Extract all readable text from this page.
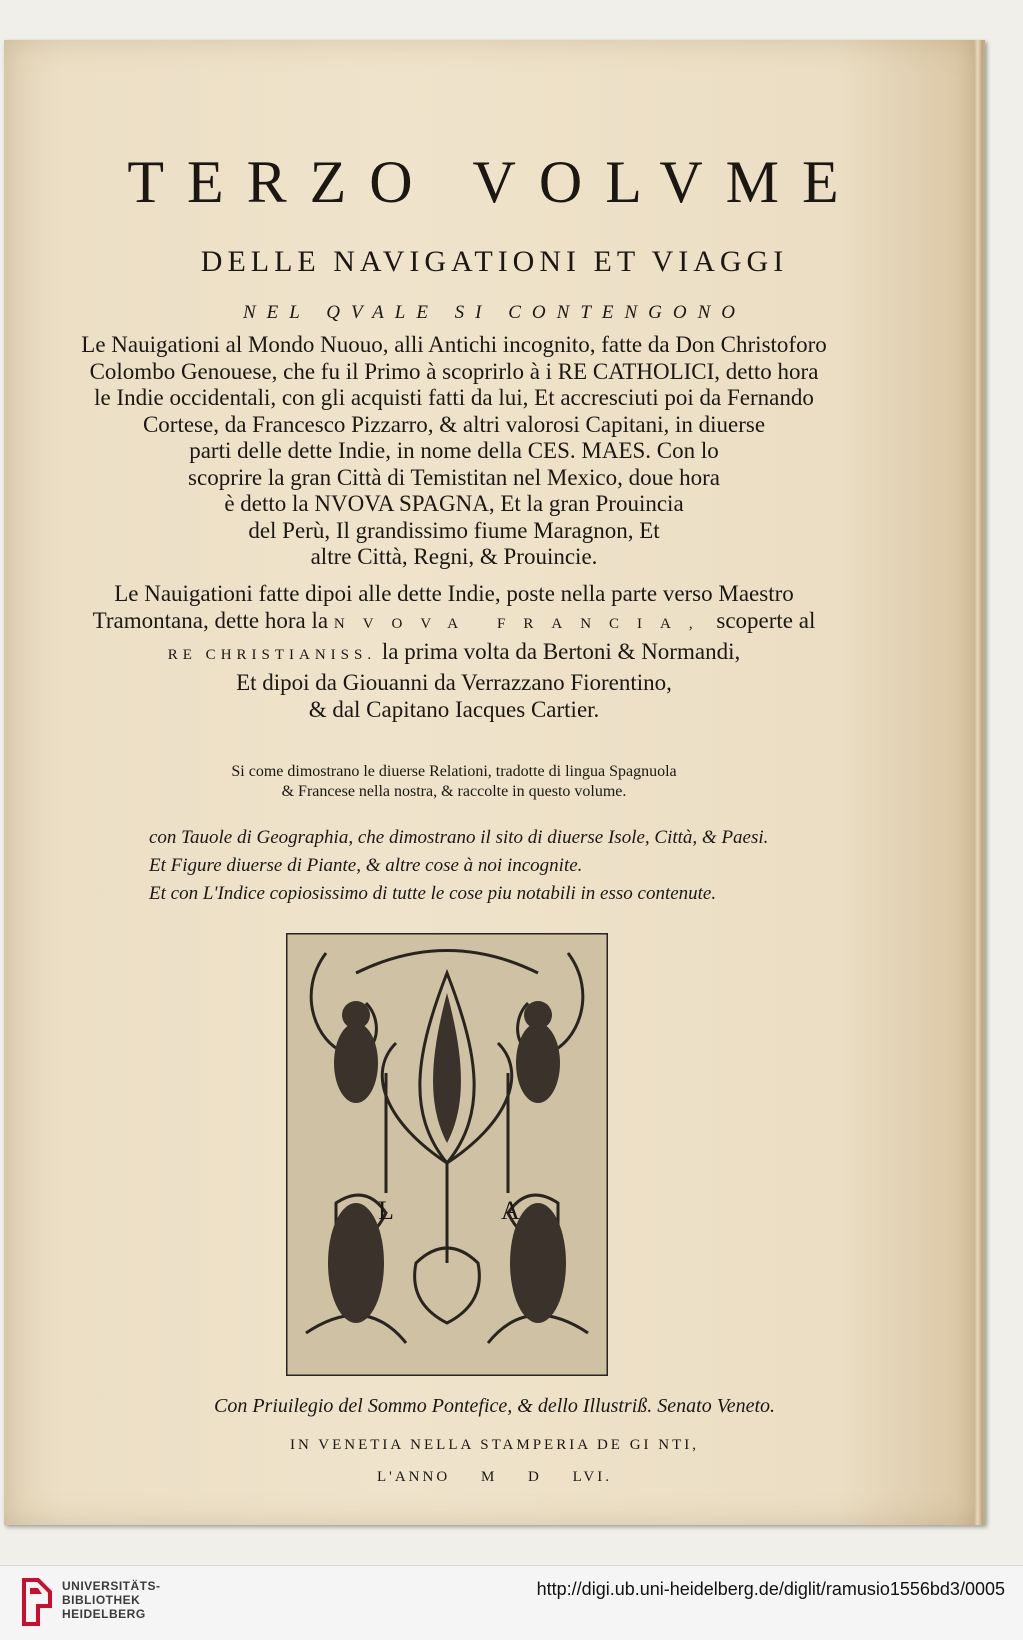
TERZO VOLVME
DELLE NAVIGATIONI ET VIAGGI
NEL QVALE SI CONTENGONO
Le Nauigationi al Mondo Nuouo, alli Antichi incognito, fatte da Don Christoforo
Colombo Genouese, che fu il Primo à scoprirlo à i RE CATHOLICI, detto hora
le Indie occidentali, con gli acquisti fatti da lui, Et accresciuti poi da Fernando
Cortese, da Francesco Pizzarro, & altri valorosi Capitani, in diuerse
parti delle dette Indie, in nome della CES. MAES. Con lo
scoprire la gran Città di Temistitan nel Mexico, doue hora
è detto la NVOVA SPAGNA, Et la gran Prouincia
del Perù, Il grandissimo fiume Maragnon, Et
altre Città, Regni, & Prouincie.
Le Nauigationi fatte dipoi alle dette Indie, poste nella parte verso Maestro
Tramontana, dette hora la NVOVA FRANCIA, scoperte al
RE CHRISTIANISS. la prima volta da Bertoni & Normandi,
Et dipoi da Giouanni da Verrazzano Fiorentino,
& dal Capitano Iacques Cartier.
Si come dimostrano le diuerse Relationi, tradotte di lingua Spagnuola
& Francese nella nostra, & raccolte in questo volume.
con Tauole di Geographia, che dimostrano il sito di diuerse Isole, Città, & Paesi.
Et Figure diuerse di Piante, & altre cose à noi incognite.
Et con L'Indice copiosissimo di tutte le cose piu notabili in esso contenute.
L	A
Con Priuilegio del Sommo Pontefice, & dello Illustriß. Senato Veneto.
IN VENETIA NELLA STAMPERIA DE GI NTI,
L'ANNO M D LVI.
UNIVERSITÄTS-
BIBLIOTHEK
HEIDELBERG
http://digi.ub.uni-heidelberg.de/diglit/ramusio1556bd3/0005
